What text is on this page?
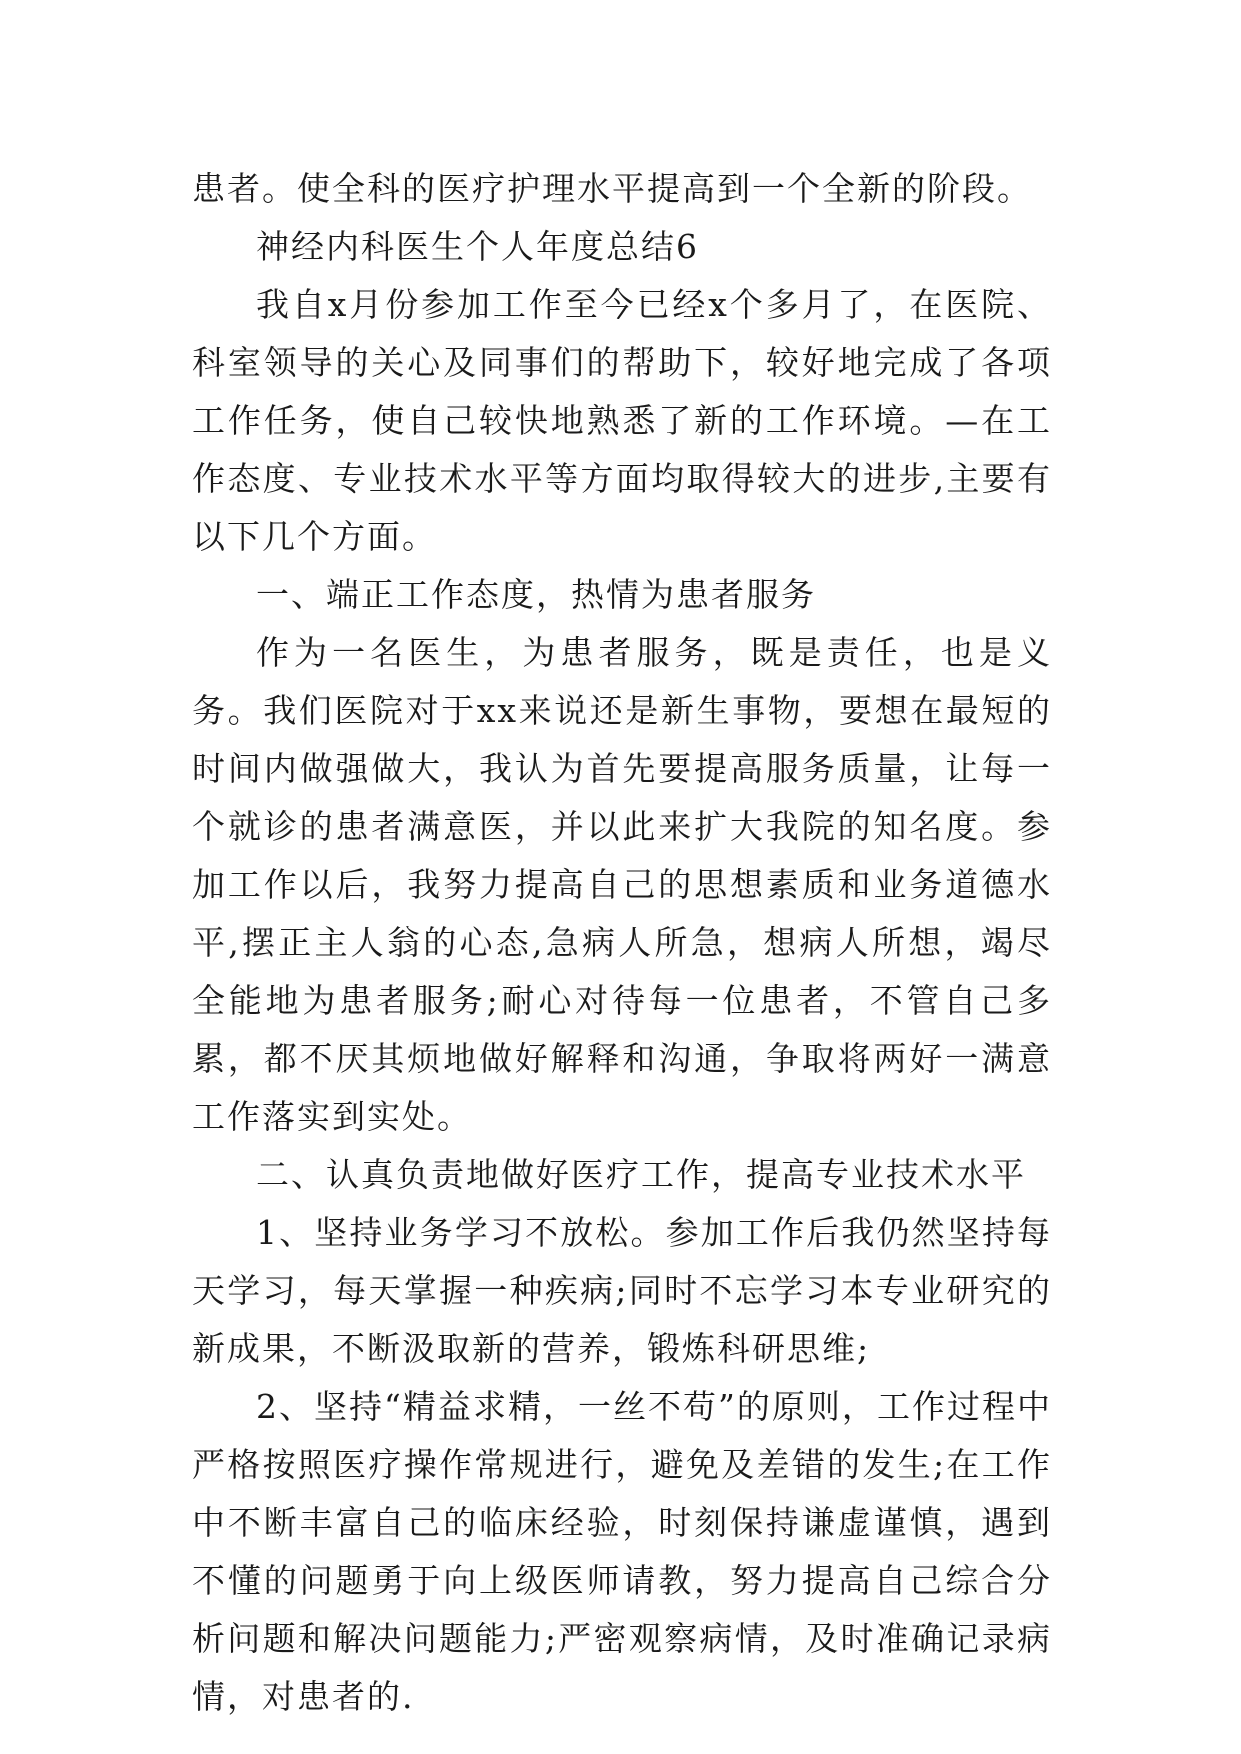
患者。使全科的医疗护理水平提高到一个全新的阶段。

神经内科医生个人年度总结6

我自x月份参加工作至今已经x个多月了，在医院、科室领导的关心及同事们的帮助下，较好地完成了各项工作任务，使自己较快地熟悉了新的工作环境。—在工作态度、专业技术水平等方面均取得较大的进步,主要有以下几个方面。

一、端正工作态度，热情为患者服务

作为一名医生，为患者服务，既是责任，也是义务。我们医院对于xx来说还是新生事物，要想在最短的时间内做强做大，我认为首先要提高服务质量，让每一个就诊的患者满意医，并以此来扩大我院的知名度。参加工作以后，我努力提高自己的思想素质和业务道德水平,摆正主人翁的心态,急病人所急，想病人所想，竭尽全能地为患者服务;耐心对待每一位患者，不管自己多累，都不厌其烦地做好解释和沟通，争取将两好一满意工作落实到实处。

二、认真负责地做好医疗工作，提高专业技术水平

1、坚持业务学习不放松。参加工作后我仍然坚持每天学习，每天掌握一种疾病;同时不忘学习本专业研究的新成果，不断汲取新的营养，锻炼科研思维;

2、坚持“精益求精，一丝不苟”的原则，工作过程中严格按照医疗操作常规进行，避免及差错的发生;在工作中不断丰富自己的临床经验，时刻保持谦虚谨慎，遇到不懂的问题勇于向上级医师请教，努力提高自己综合分析问题和解决问题能力;严密观察病情，及时准确记录病情，对患者的.
